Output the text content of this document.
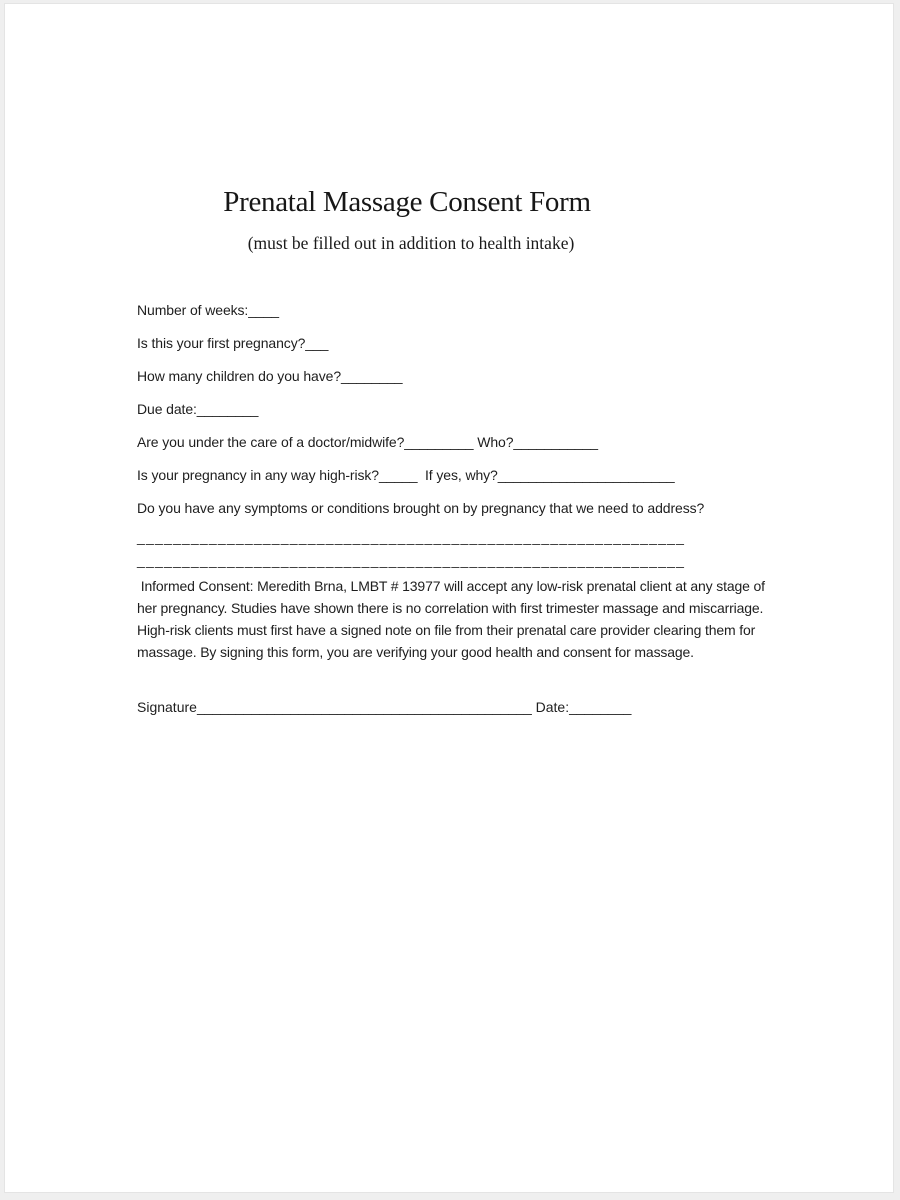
Prenatal Massage Consent Form
(must be filled out in addition to health intake)
Number of weeks:____
Is this your first pregnancy?___
How many children do you have?________
Due date:________
Are you under the care of a doctor/midwife?_________ Who?___________
Is your pregnancy in any way high-risk?_____  If yes, why?_______________________
Do you have any symptoms or conditions brought on by pregnancy that we need to address?
_____________________________________________________________
_____________________________________________________________
Informed Consent: Meredith Brna, LMBT # 13977 will accept any low-risk prenatal client at any stage of
her pregnancy. Studies have shown there is no correlation with first trimester massage and miscarriage.
High-risk clients must first have a signed note on file from their prenatal care provider clearing them for
massage. By signing this form, you are verifying your good health and consent for massage.
Signature___________________________________________ Date:________
